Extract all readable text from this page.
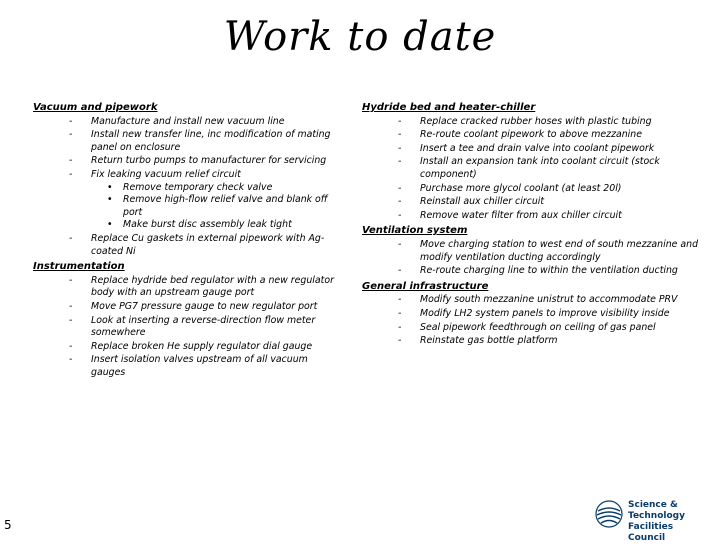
Work to date
Vacuum and pipework
- Manufacture and install new vacuum line
- Install new transfer line, inc modification of mating panel on enclosure
- Return turbo pumps to manufacturer for servicing
- Fix leaking vacuum relief circuit
• Remove temporary check valve
• Remove high-flow relief valve and blank off port
• Make burst disc assembly leak tight
- Replace Cu gaskets in external pipework with Ag-coated Ni
Instrumentation
- Replace hydride bed regulator with a new regulator body with an upstream gauge port
- Move PG7 pressure gauge to new regulator port
- Look at inserting a reverse-direction flow meter somewhere
- Replace broken He supply regulator dial gauge
- Insert isolation valves upstream of all vacuum gauges
Hydride bed and heater-chiller
- Replace cracked rubber hoses with plastic tubing
- Re-route coolant pipework to above mezzanine
- Insert a tee and drain valve into coolant pipework
- Install an expansion tank into coolant circuit (stock component)
- Purchase more glycol coolant (at least 20l)
- Reinstall aux chiller circuit
- Remove water filter from aux chiller circuit
Ventilation system
- Move charging station to west end of south mezzanine and modify ventilation ducting accordingly
- Re-route charging line to within the ventilation ducting
General infrastructure
- Modify south mezzanine unistrut to accommodate PRV
- Modify LH2 system panels to improve visibility inside
- Seal pipework feedthrough on ceiling of gas panel
- Reinstate gas bottle platform
5
Science & Technology
Facilities Council
